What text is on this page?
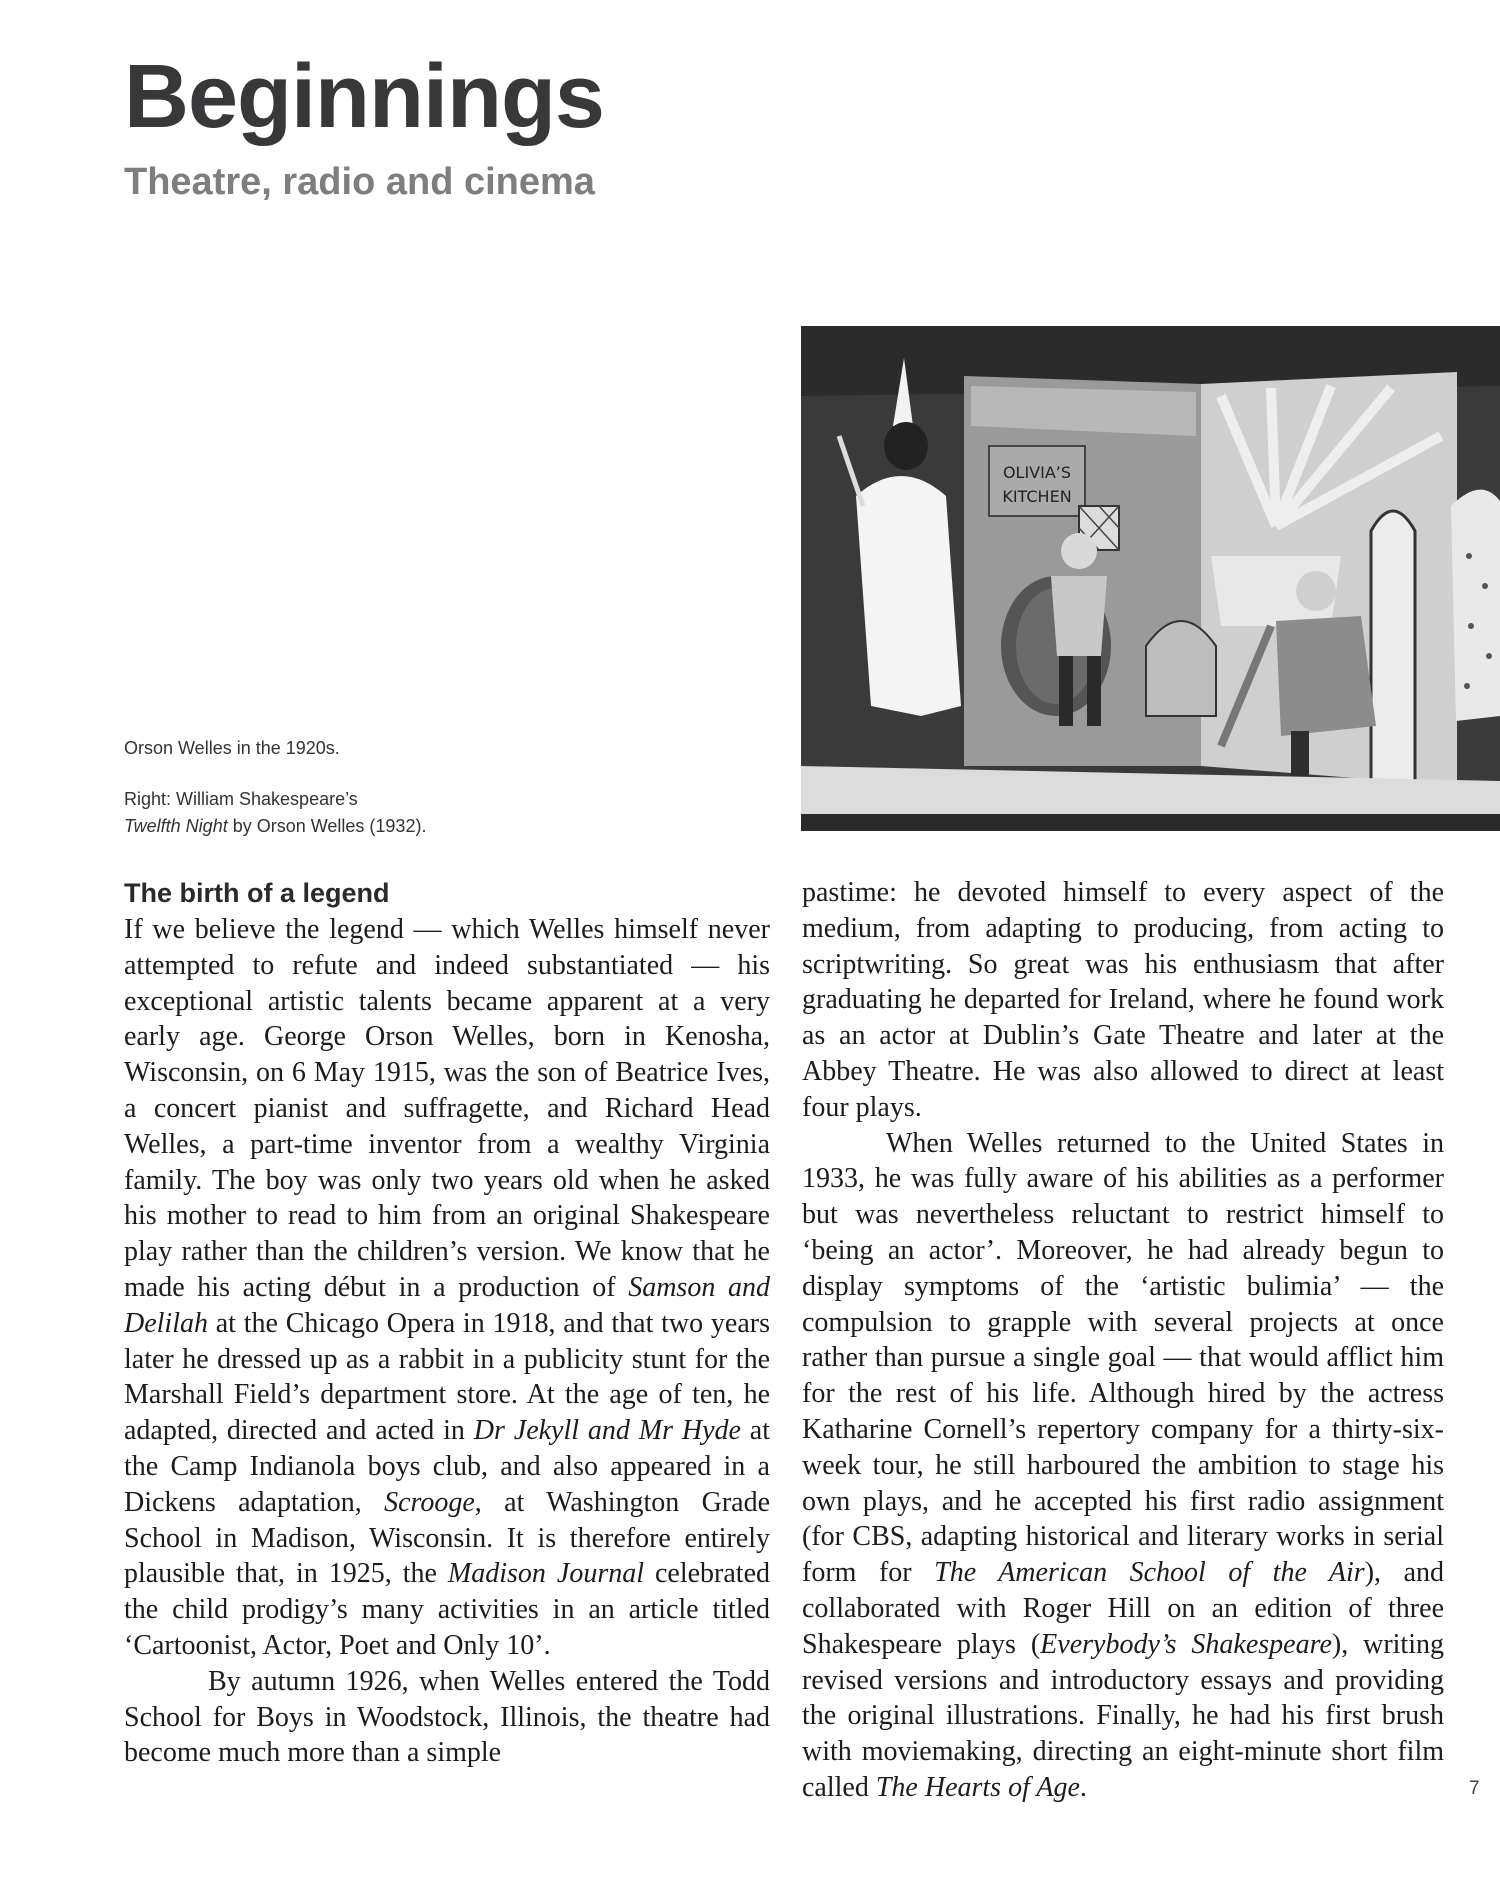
Beginnings
Theatre, radio and cinema

Orson Welles in the 1920s.

Right: William Shakespeare’s
Twelfth Night by Orson Welles (1932).

OLIVIA’S
KITCHEN
The birth of a legend

If we believe the legend — which Welles himself never attempted to refute and indeed substantiated — his exceptional artistic talents became apparent at a very early age. George Orson Welles, born in Kenosha, Wisconsin, on 6 May 1915, was the son of Beatrice Ives, a concert pianist and suffragette, and Richard Head Welles, a part-time inventor from a wealthy Virginia family. The boy was only two years old when he asked his mother to read to him from an original Shakespeare play rather than the children’s version. We know that he made his acting début in a production of Samson and Delilah at the Chicago Opera in 1918, and that two years later he dressed up as a rabbit in a publicity stunt for the Marshall Field’s department store. At the age of ten, he adapted, directed and acted in Dr Jekyll and Mr Hyde at the Camp Indianola boys club, and also appeared in a Dickens adaptation, Scrooge, at Washington Grade School in Madison, Wisconsin. It is therefore entirely plausible that, in 1925, the Madison Journal celebrated the child prodigy’s many activities in an article titled ‘Cartoonist, Actor, Poet and Only 10’.

By autumn 1926, when Welles entered the Todd School for Boys in Woodstock, Illinois, the theatre had become much more than a simple

pastime: he devoted himself to every aspect of the medium, from adapting to producing, from acting to scriptwriting. So great was his enthusiasm that after graduating he departed for Ireland, where he found work as an actor at Dublin’s Gate Theatre and later at the Abbey Theatre. He was also allowed to direct at least four plays.

When Welles returned to the United States in 1933, he was fully aware of his abilities as a performer but was nevertheless reluctant to restrict himself to ‘being an actor’. Moreover, he had already begun to display symptoms of the ‘artistic bulimia’ — the compulsion to grapple with several projects at once rather than pursue a single goal — that would afflict him for the rest of his life. Although hired by the actress Katharine Cornell’s repertory company for a thirty-six-week tour, he still harboured the ambition to stage his own plays, and he accepted his first radio assignment (for CBS, adapting historical and literary works in serial form for The American School of the Air), and collaborated with Roger Hill on an edition of three Shakespeare plays (Everybody’s Shakespeare), writing revised versions and introductory essays and providing the original illustrations. Finally, he had his first brush with moviemaking, directing an eight-minute short film called The Hearts of Age.	7
